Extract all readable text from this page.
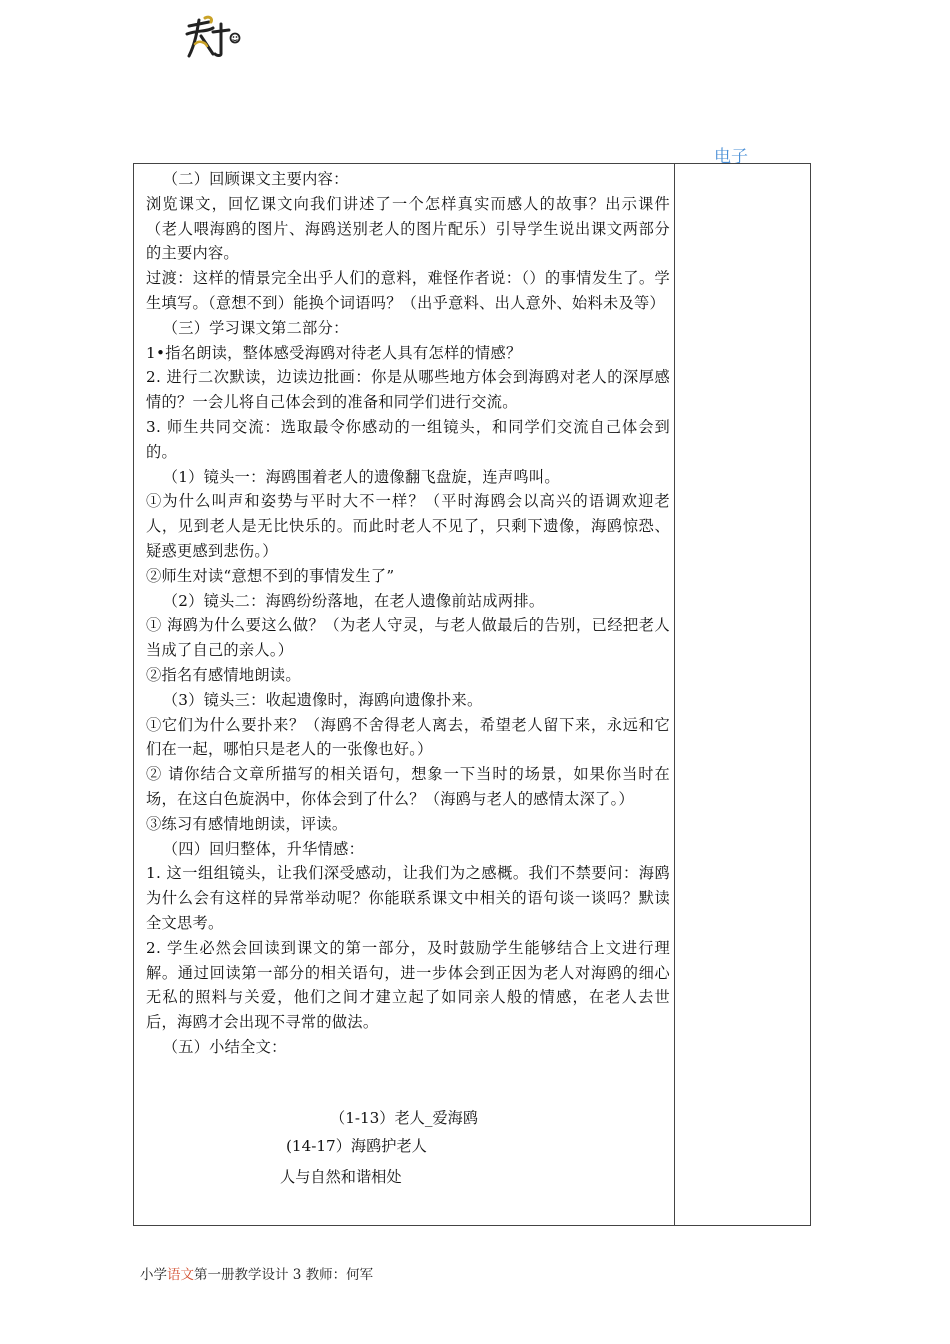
电子

（二）回顾课文主要内容：

浏览课文，回忆课文向我们讲述了一个怎样真实而感人的故事？出示课件（老人喂海鸥的图片、海鸥送别老人的图片配乐）引导学生说出课文两部分的主要内容。

过渡：这样的情景完全出乎人们的意料，难怪作者说：（）的事情发生了。学生填写。（意想不到）能换个词语吗？（出乎意料、出人意外、始料未及等）

（三）学习课文第二部分：

1•指名朗读，整体感受海鸥对待老人具有怎样的情感？

2. 进行二次默读，边读边批画：你是从哪些地方体会到海鸥对老人的深厚感情的？一会儿将自己体会到的准备和同学们进行交流。

3. 师生共同交流：选取最令你感动的一组镜头，和同学们交流自己体会到的。

（1）镜头一：海鸥围着老人的遗像翻飞盘旋，连声鸣叫。

①为什么叫声和姿势与平时大不一样？（平时海鸥会以高兴的语调欢迎老人，见到老人是无比快乐的。而此时老人不见了，只剩下遗像，海鸥惊恐、疑惑更感到悲伤。）

②师生对读“意想不到的事情发生了”

（2）镜头二：海鸥纷纷落地，在老人遗像前站成两排。

① 海鸥为什么要这么做？（为老人守灵，与老人做最后的告别，已经把老人当成了自己的亲人。）

②指名有感情地朗读。

（3）镜头三：收起遗像时，海鸥向遗像扑来。

①它们为什么要扑来？（海鸥不舍得老人离去，希望老人留下来，永远和它们在一起，哪怕只是老人的一张像也好。）

② 请你结合文章所描写的相关语句，想象一下当时的场景，如果你当时在场，在这白色旋涡中，你体会到了什么？（海鸥与老人的感情太深了。）

③练习有感情地朗读，评读。

（四）回归整体，升华情感：

1. 这一组组镜头，让我们深受感动，让我们为之感概。我们不禁要问：海鸥为什么会有这样的异常举动呢？你能联系课文中相关的语句谈一谈吗？默读全文思考。

2. 学生必然会回读到课文的第一部分，及时鼓励学生能够结合上文进行理解。通过回读第一部分的相关语句，进一步体会到正因为老人对海鸥的细心无私的照料与关爱，他们之间才建立起了如同亲人般的情感，在老人去世后，海鸥才会出现不寻常的做法。

（五）小结全文：

（1-13）老人_爱海鸥
(14-17）海鸥护老人
人与自然和谐相处
小学语文第一册教学设计 3 教师：何军
